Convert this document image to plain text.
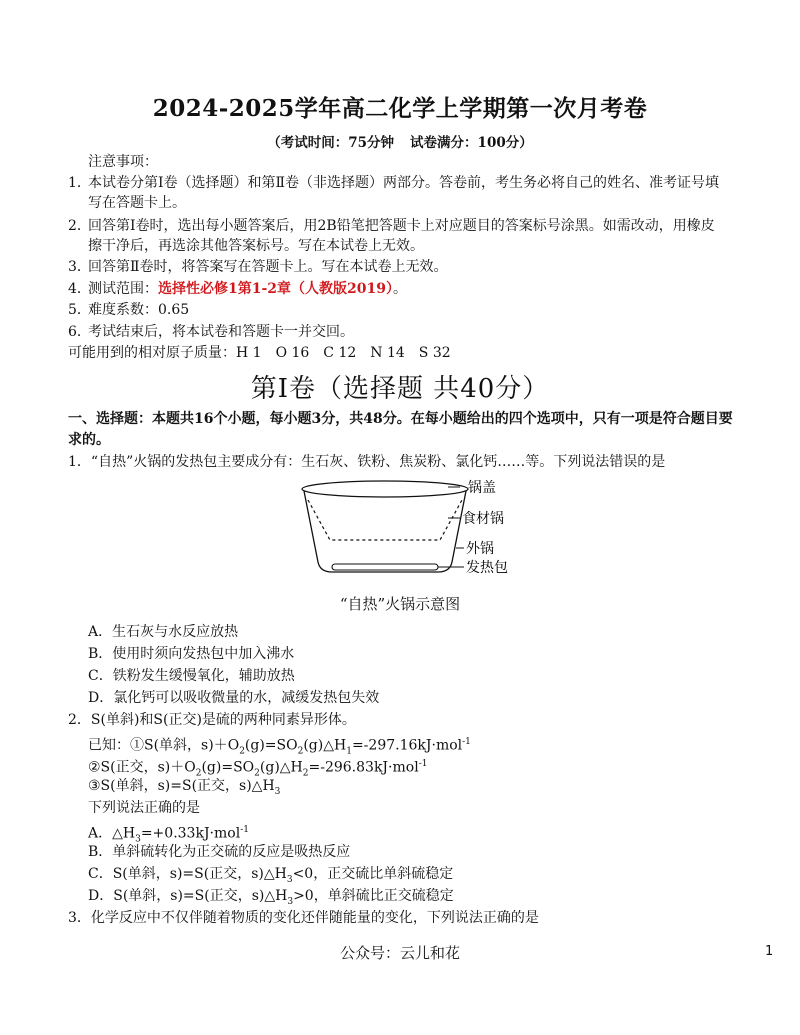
2024-2025学年高二化学上学期第一次月考卷
（考试时间：75分钟 试卷满分：100分）
注意事项：
1．本试卷分第Ⅰ卷（选择题）和第Ⅱ卷（非选择题）两部分。答卷前，考生务必将自己的姓名、准考证号填
写在答题卡上。
2．回答第Ⅰ卷时，选出每小题答案后，用2B铅笔把答题卡上对应题目的答案标号涂黑。如需改动，用橡皮
擦干净后，再选涂其他答案标号。写在本试卷上无效。
3．回答第Ⅱ卷时，将答案写在答题卡上。写在本试卷上无效。
4．测试范围：选择性必修1第1-2章（人教版2019）。
5．难度系数：0.65
6．考试结束后，将本试卷和答题卡一并交回。
可能用到的相对原子质量：H 1　O 16　C 12　N 14　S 32
第Ⅰ卷（选择题 共40分）
一、选择题：本题共16个小题，每小题3分，共48分。在每小题给出的四个选项中，只有一项是符合题目要
求的。
1．“自热”火锅的发热包主要成分有：生石灰、铁粉、焦炭粉、氯化钙……等。下列说法错误的是
锅盖
食材锅
外锅
发热包
“自热”火锅示意图
A．生石灰与水反应放热
B．使用时须向发热包中加入沸水
C．铁粉发生缓慢氧化，辅助放热
D．氯化钙可以吸收微量的水，减缓发热包失效
2．S(单斜)和S(正交)是硫的两种同素异形体。
已知：①S(单斜，$s)+O_2(g)=SO_2(g)\triangle H_1=-297.16kJ\cdot mol^{-1}$
②S(正交，$s)+O_2(g)=SO_2(g)\triangle H_2=-296.83kJ\cdot mol^{-1}$
③S(单斜，s)=S(正交，$s)\triangle H_3$
下列说法正确的是
A．$\triangle H_3=+0.33kJ\cdot mol^{-1}$
B．单斜硫转化为正交硫的反应是吸热反应
C．S(单斜，s)=S(正交，$s)\triangle H_3<0$，正交硫比单斜硫稳定
D．S(单斜，s)=S(正交，$s)\triangle H_3>0$，单斜硫比正交硫稳定
3．化学反应中不仅伴随着物质的变化还伴随能量的变化，下列说法正确的是
公众号：云儿和花	1
